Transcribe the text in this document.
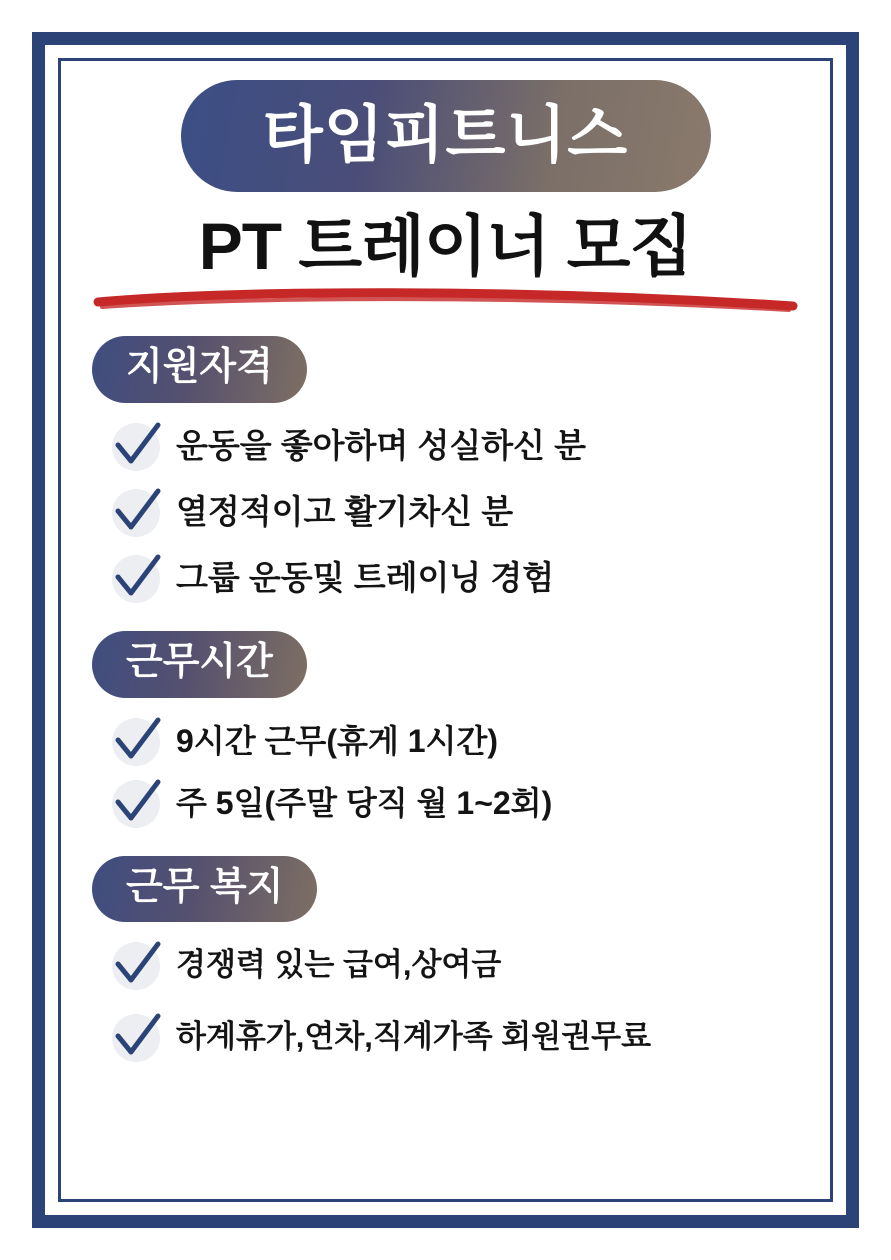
타임피트니스
PT 트레이너 모집
지원자격
운동을 좋아하며 성실하신 분
열정적이고 활기차신 분
그룹 운동및 트레이닝 경험
근무시간
9시간 근무(휴게 1시간)
주 5일(주말 당직 월 1~2회)
근무 복지
경쟁력 있는 급여,상여금
하계휴가,연차,직계가족 회원권무료
